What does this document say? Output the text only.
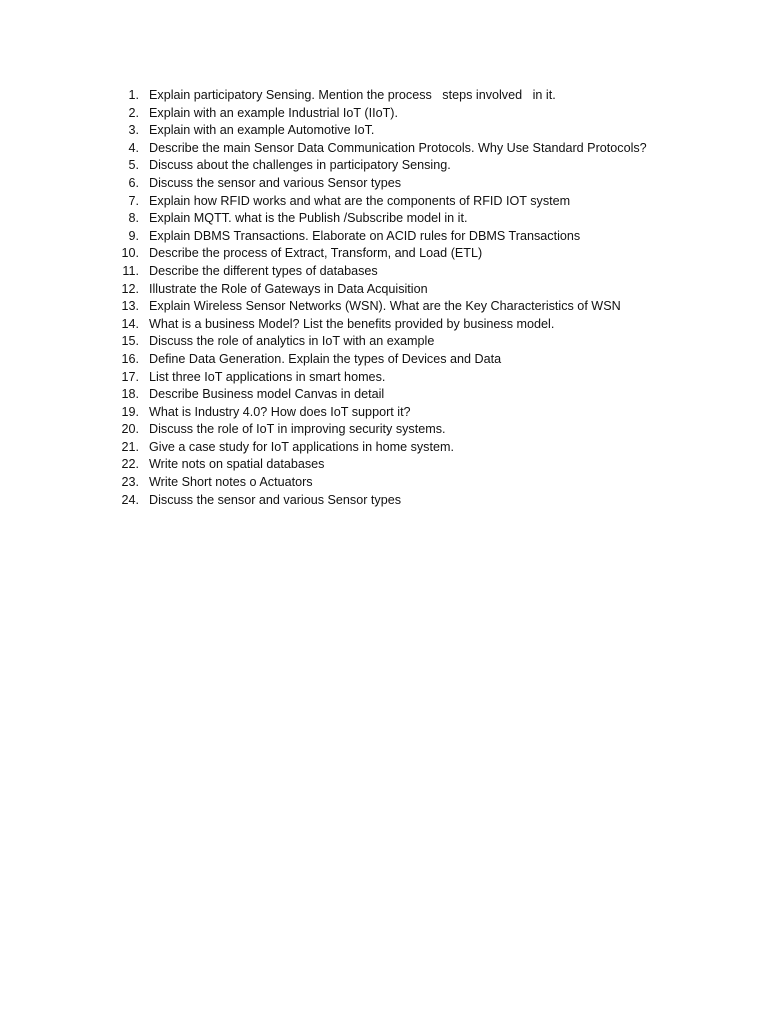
1. Explain participatory Sensing. Mention the process   steps involved   in it.
2. Explain with an example Industrial IoT (IIoT).
3. Explain with an example Automotive IoT.
4. Describe the main Sensor Data Communication Protocols. Why Use Standard Protocols?
5. Discuss about the challenges in participatory Sensing.
6. Discuss the sensor and various Sensor types
7. Explain how RFID works and what are the components of RFID IOT system
8. Explain MQTT. what is the Publish /Subscribe model in it.
9. Explain DBMS Transactions. Elaborate on ACID rules for DBMS Transactions
10. Describe the process of Extract, Transform, and Load (ETL)
11. Describe the different types of databases
12. Illustrate the Role of Gateways in Data Acquisition
13. Explain Wireless Sensor Networks (WSN). What are the Key Characteristics of WSN
14. What is a business Model? List the benefits provided by business model.
15. Discuss the role of analytics in IoT with an example
16. Define Data Generation. Explain the types of Devices and Data
17. List three IoT applications in smart homes.
18. Describe Business model Canvas in detail
19. What is Industry 4.0? How does IoT support it?
20. Discuss the role of IoT in improving security systems.
21. Give a case study for IoT applications in home system.
22. Write nots on spatial databases
23. Write Short notes o Actuators
24. Discuss the sensor and various Sensor types
